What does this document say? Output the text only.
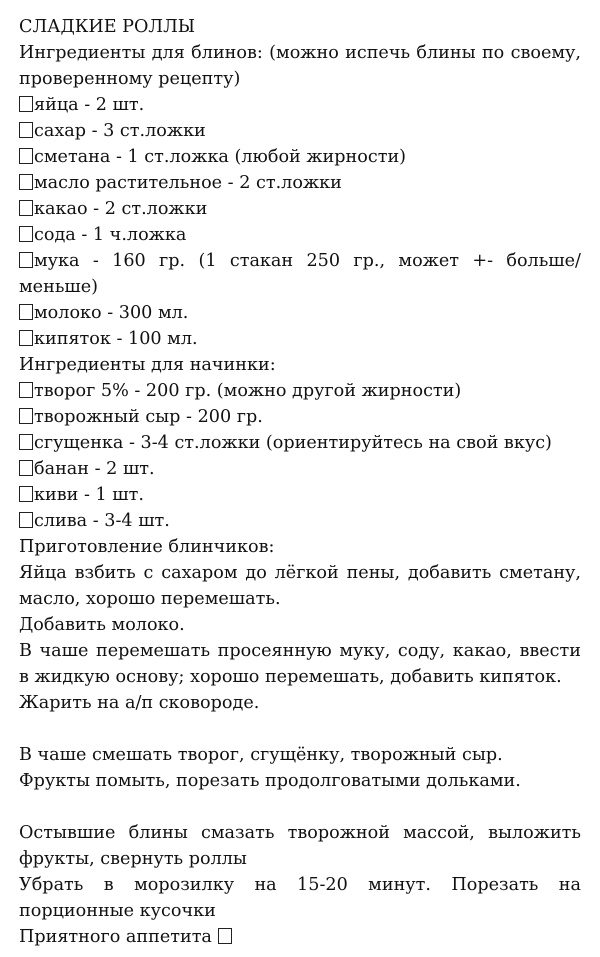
СЛАДКИЕ РОЛЛЫ
Ингредиенты для блинов: (можно испечь блины по своему, проверенному рецепту)
яйца - 2 шт.
сахар - 3 ст.ложки
сметана - 1 ст.ложка (любой жирности)
масло растительное - 2 ст.ложки
какао - 2 ст.ложки
сода - 1 ч.ложка
мука - 160 гр. (1 стакан 250 гр., может +- больше/меньше)
молоко - 300 мл.
кипяток - 100 мл.
Ингредиенты для начинки:
творог 5% - 200 гр. (можно другой жирности)
творожный сыр - 200 гр.
сгущенка - 3-4 ст.ложки (ориентируйтесь на свой вкус)
банан - 2 шт.
киви - 1 шт.
слива - 3-4 шт.
Приготовление блинчиков:
Яйца взбить с сахаром до лёгкой пены, добавить сметану, масло, хорошо перемешать.
Добавить молоко.
В чаше перемешать просеянную муку, соду, какао, ввести в жидкую основу; хорошо перемешать, добавить кипяток.
Жарить на а/п сковороде.
В чаше смешать творог, сгущёнку, творожный сыр.
Фрукты помыть, порезать продолговатыми дольками.
Остывшие блины смазать творожной массой, выложить фрукты, свернуть роллы
Убрать в морозилку на 15-20 минут. Порезать на порционные кусочки
Приятного аппетита
